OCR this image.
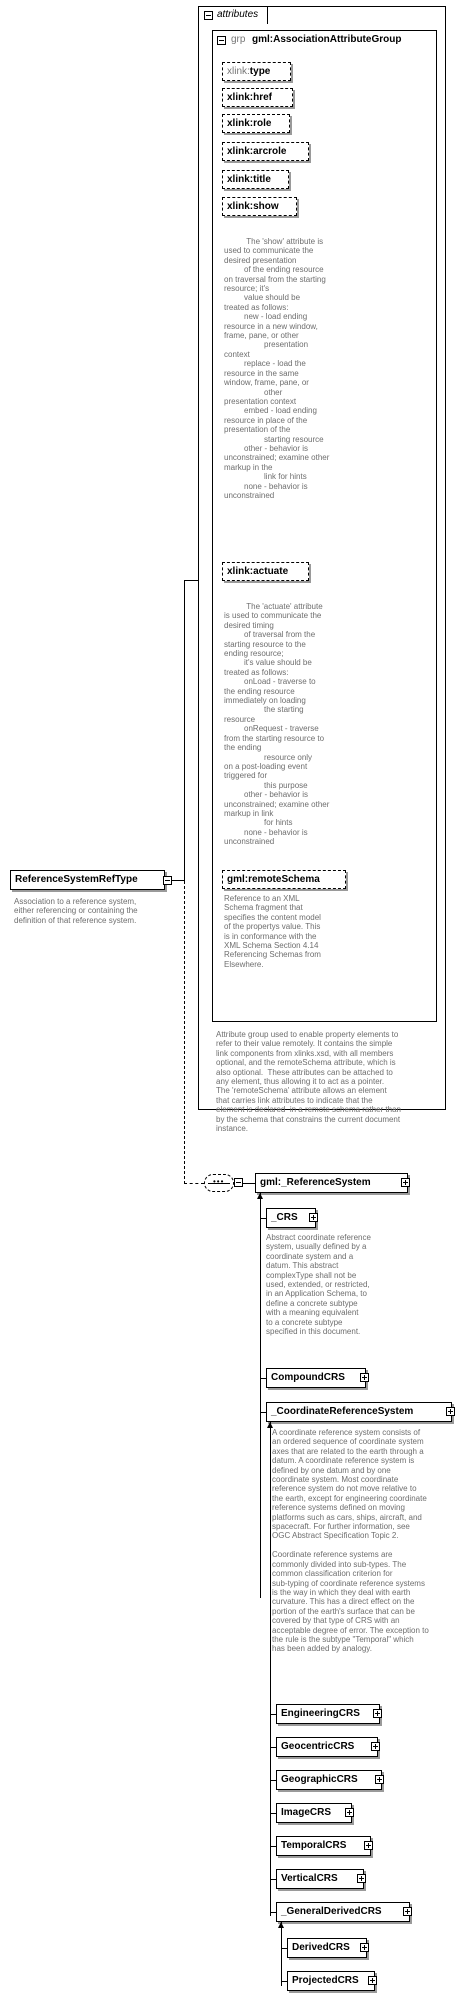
attributes
grp gml:AssociationAttributeGroup
xlink:type
xlink:href
xlink:role
xlink:arcrole
xlink:title
xlink:show
The 'show' attribute is
used to communicate the
desired presentation
of the ending resource
on traversal from the starting
resource; it's
value should be
treated as follows:
new - load ending
resource in a new window,
frame, pane, or other
presentation
context
replace - load the
resource in the same
window, frame, pane, or
other
presentation context
embed - load ending
resource in place of the
presentation of the
starting resource
other - behavior is
unconstrained; examine other
markup in the
link for hints
none - behavior is
unconstrained
xlink:actuate
The 'actuate' attribute
is used to communicate the
desired timing
of traversal from the
starting resource to the
ending resource;
it's value should be
treated as follows:
onLoad - traverse to
the ending resource
immediately on loading
the starting
resource
onRequest - traverse
from the starting resource to
the ending
resource only
on a post-loading event
triggered for
this purpose
other - behavior is
unconstrained; examine other
markup in link
for hints
none - behavior is
unconstrained
gml:remoteSchema
Reference to an XML
Schema fragment that
specifies the content model
of the propertys value. This
is in conformance with the
XML Schema Section 4.14
Referencing Schemas from
Elsewhere.
Attribute group used to enable property elements to
refer to their value remotely. It contains the simple
link components from xlinks.xsd, with all members
optional, and the remoteSchema attribute, which is
also optional.  These attributes can be attached to
any element, thus allowing it to act as a pointer.
The 'remoteSchema' attribute allows an element
that carries link attributes to indicate that the
element is declared  in a remote schema rather than
by the schema that constrains the current document
instance.
ReferenceSystemRefType
Association to a reference system,
either referencing or containing the
definition of that reference system.
•••	gml:_ReferenceSystem
_CRS
Abstract coordinate reference
system, usually defined by a
coordinate system and a
datum. This abstract
complexType shall not be
used, extended, or restricted,
in an Application Schema, to
define a concrete subtype
with a meaning equivalent
to a concrete subtype
specified in this document.
CompoundCRS
_CoordinateReferenceSystem
A coordinate reference system consists of
an ordered sequence of coordinate system
axes that are related to the earth through a
datum. A coordinate reference system is
defined by one datum and by one
coordinate system. Most coordinate
reference system do not move relative to
the earth, except for engineering coordinate
reference systems defined on moving
platforms such as cars, ships, aircraft, and
spacecraft. For further information, see
OGC Abstract Specification Topic 2.

Coordinate reference systems are
commonly divided into sub-types. The
common classification criterion for
sub-typing of coordinate reference systems
is the way in which they deal with earth
curvature. This has a direct effect on the
portion of the earth's surface that can be
covered by that type of CRS with an
acceptable degree of error. The exception to
the rule is the subtype "Temporal" which
has been added by analogy.
EngineeringCRS
GeocentricCRS
GeographicCRS
ImageCRS
TemporalCRS
VerticalCRS
_GeneralDerivedCRS
DerivedCRS
ProjectedCRS
